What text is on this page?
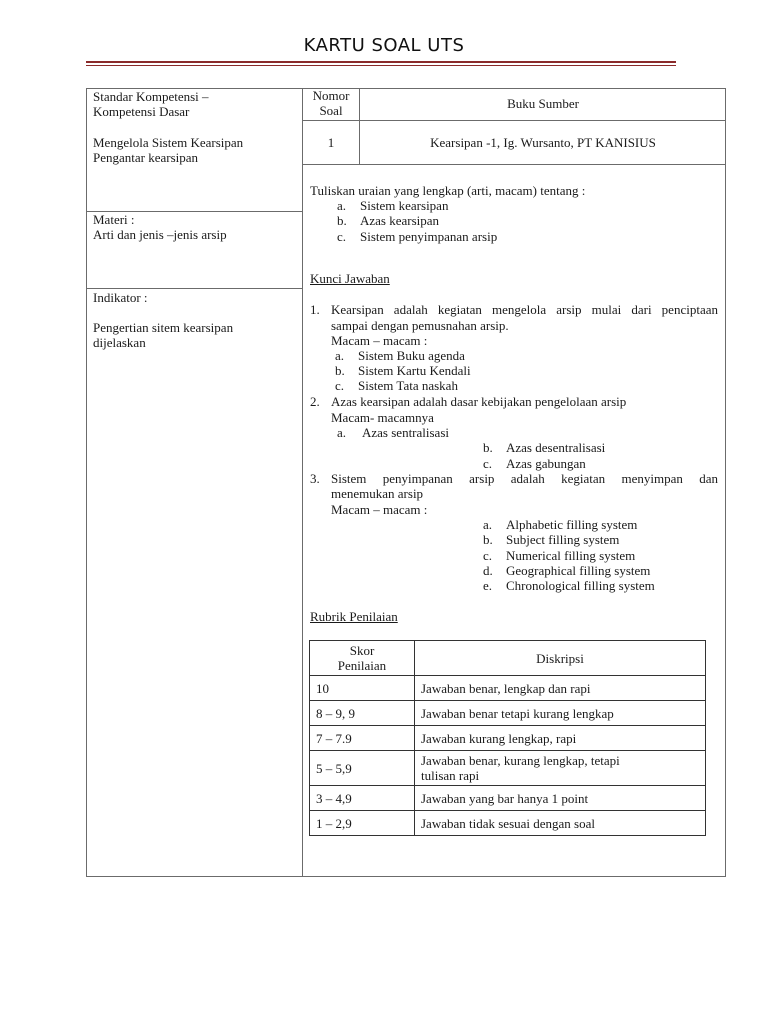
KARTU SOAL UTS
Standar Kompetensi –
Kompetensi Dasar
Mengelola Sistem Kearsipan
Pengantar kearsipan
Materi :
Arti dan jenis –jenis arsip
Indikator :
Pengertian sitem kearsipan
dijelaskan
Nomor
Soal	Buku Sumber
1	Kearsipan -1, Ig. Wursanto, PT KANISIUS
Tuliskan uraian yang lengkap (arti, macam) tentang :
a. Sistem kearsipan
b. Azas kearsipan
c. Sistem penyimpanan arsip
Kunci Jawaban
1. Kearsipan adalah kegiatan mengelola arsip mulai dari penciptaan
sampai dengan pemusnahan arsip.
Macam – macam :
a. Sistem Buku agenda
b. Sistem Kartu Kendali
c. Sistem Tata naskah
2. Azas kearsipan adalah dasar kebijakan pengelolaan arsip
Macam- macamnya
a. Azas sentralisasi
b. Azas desentralisasi
c. Azas gabungan
3. Sistem penyimpanan arsip adalah kegiatan menyimpan dan
menemukan arsip
Macam – macam :
a. Alphabetic filling system
b. Subject filling system
c. Numerical filling system
d. Geographical filling system
e. Chronological filling system
Rubrik Penilaian
Skor
Penilaian	Diskripsi
10	Jawaban benar, lengkap dan rapi
8 – 9, 9	Jawaban benar tetapi kurang lengkap
7 – 7.9	Jawaban kurang lengkap, rapi
5 – 5,9	Jawaban benar, kurang lengkap, tetapi
tulisan rapi

3 – 4,9	Jawaban yang bar hanya 1 point
1 – 2,9	Jawaban tidak sesuai dengan soal
